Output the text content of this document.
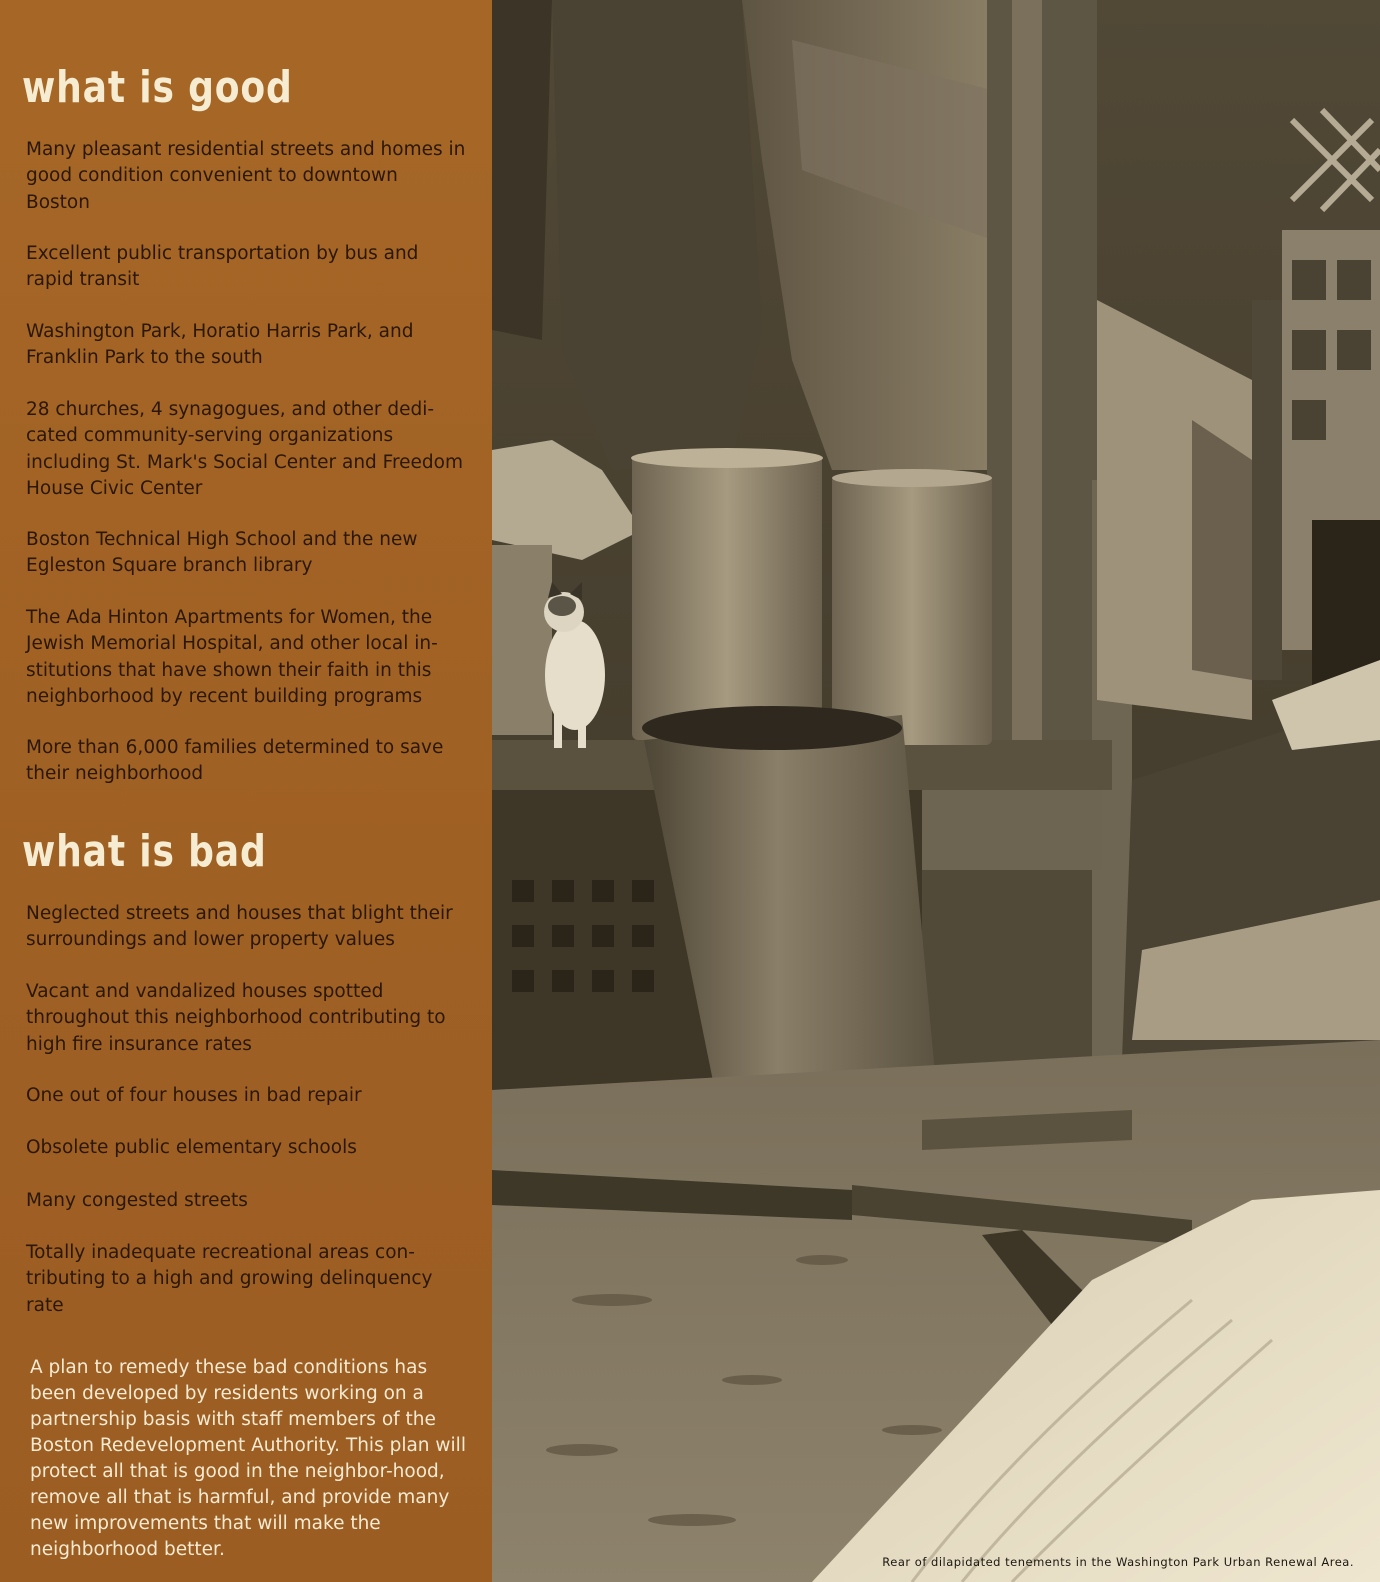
what is good

Many pleasant residential streets and homes in good condition convenient to downtown Boston

Excellent public transportation by bus and rapid transit

Washington Park, Horatio Harris Park, and Franklin Park to the south

28 churches, 4 synagogues, and other dedi-cated community-serving organizations including St. Mark's Social Center and Freedom House Civic Center

Boston Technical High School and the new Egleston Square branch library

The Ada Hinton Apartments for Women, the Jewish Memorial Hospital, and other local in-stitutions that have shown their faith in this neighborhood by recent building programs

More than 6,000 families determined to save their neighborhood

what is bad

Neglected streets and houses that blight their surroundings and lower property values

Vacant and vandalized houses spotted throughout this neighborhood contributing to high fire insurance rates

One out of four houses in bad repair

Obsolete public elementary schools

Many congested streets

Totally inadequate recreational areas con-tributing to a high and growing delinquency rate

A plan to remedy these bad conditions has been developed by residents working on a partnership basis with staff members of the Boston Redevelopment Authority. This plan will protect all that is good in the neighbor-hood, remove all that is harmful, and provide many new improvements that will make the neighborhood better.

Rear of dilapidated tenements in the Washington Park Urban Renewal Area.
